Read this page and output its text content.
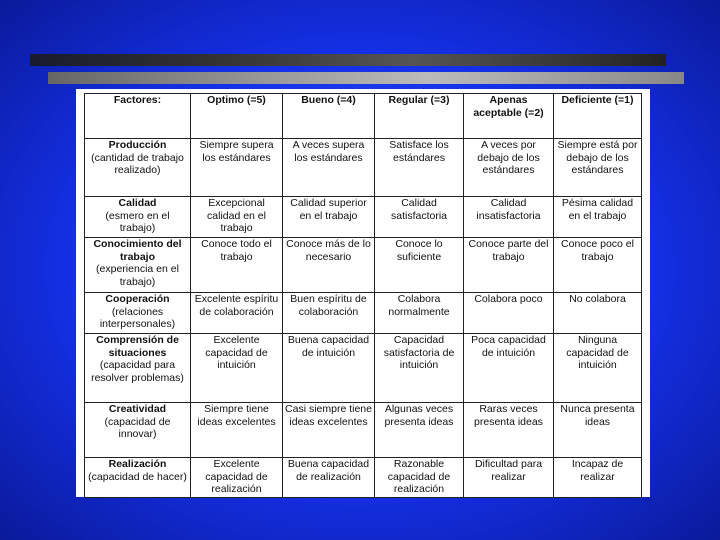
Factores:	Optimo (=5)	Bueno (=4)	Regular (=3)	Apenas aceptable (=2)	Deficiente (=1)

Producción
(cantidad de trabajo realizado)	Siempre supera los estándares	A veces supera los estándares	Satisface los estándares	A veces por debajo de los estándares	Siempre está por debajo de los estándares

Calidad
(esmero en el trabajo)	Excepcional calidad en el trabajo	Calidad superior en el trabajo	Calidad satisfactoria	Calidad insatisfactoria	Pésima calidad en el trabajo

Conocimiento del trabajo
(experiencia en el trabajo)	Conoce todo el trabajo	Conoce más de lo necesario	Conoce lo suficiente	Conoce parte del trabajo	Conoce poco el trabajo

Cooperación
(relaciones interpersonales)	Excelente espíritu de colaboración	Buen espíritu de colaboración	Colabora normalmente	Colabora poco	No colabora

Comprensión de situaciones
(capacidad para resolver problemas)	Excelente capacidad de intuición	Buena capacidad de intuición	Capacidad satisfactoria de intuición	Poca capacidad de intuición	Ninguna capacidad de intuición

Creatividad
(capacidad de innovar)	Siempre tiene ideas excelentes	Casi siempre tiene ideas excelentes	Algunas veces presenta ideas	Raras veces presenta ideas	Nunca presenta ideas

Realización
(capacidad de hacer)	Excelente capacidad de realización	Buena capacidad de realización	Razonable capacidad de realización	Dificultad para realizar	Incapaz de realizar
